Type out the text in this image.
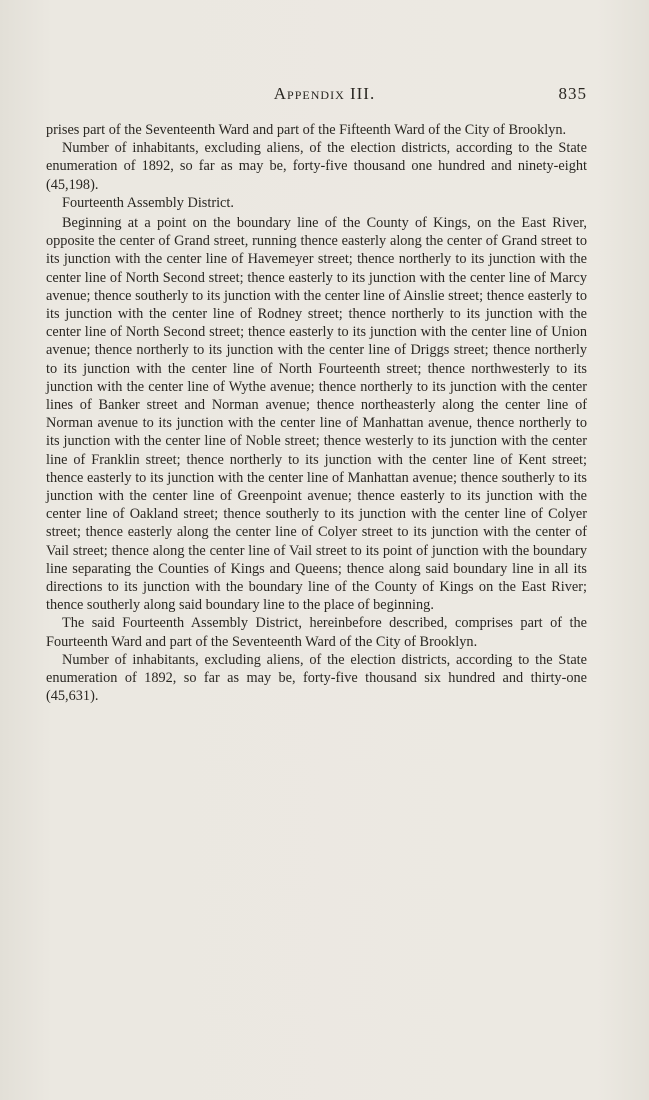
Appendix III.	835

prises part of the Seventeenth Ward and part of the Fifteenth Ward of the City of Brooklyn.

Number of inhabitants, excluding aliens, of the election districts, according to the State enumeration of 1892, so far as may be, forty-five thousand one hundred and ninety-eight (45,198).

Fourteenth Assembly District.

Beginning at a point on the boundary line of the County of Kings, on the East River, opposite the center of Grand street, running thence easterly along the center of Grand street to its junction with the center line of Havemeyer street; thence northerly to its junction with the center line of North Second street; thence easterly to its junction with the center line of Marcy avenue; thence southerly to its junction with the center line of Ainslie street; thence easterly to its junction with the center line of Rodney street; thence northerly to its junction with the center line of North Second street; thence easterly to its junction with the center line of Union avenue; thence northerly to its junction with the center line of Driggs street; thence northerly to its junction with the center line of North Fourteenth street; thence northwesterly to its junction with the center line of Wythe avenue; thence northerly to its junction with the center lines of Banker street and Norman avenue; thence northeasterly along the center line of Norman avenue to its junction with the center line of Manhattan avenue, thence northerly to its junction with the center line of Noble street; thence westerly to its junction with the center line of Franklin street; thence northerly to its junction with the center line of Kent street; thence easterly to its junction with the center line of Manhattan avenue; thence southerly to its junction with the center line of Greenpoint avenue; thence easterly to its junction with the center line of Oakland street; thence southerly to its junction with the center line of Colyer street; thence easterly along the center line of Colyer street to its junction with the center of Vail street; thence along the center line of Vail street to its point of junction with the boundary line separating the Counties of Kings and Queens; thence along said boundary line in all its directions to its junction with the boundary line of the County of Kings on the East River; thence southerly along said boundary line to the place of beginning.

The said Fourteenth Assembly District, hereinbefore described, comprises part of the Fourteenth Ward and part of the Seventeenth Ward of the City of Brooklyn.

Number of inhabitants, excluding aliens, of the election districts, according to the State enumeration of 1892, so far as may be, forty-five thousand six hundred and thirty-one (45,631).
